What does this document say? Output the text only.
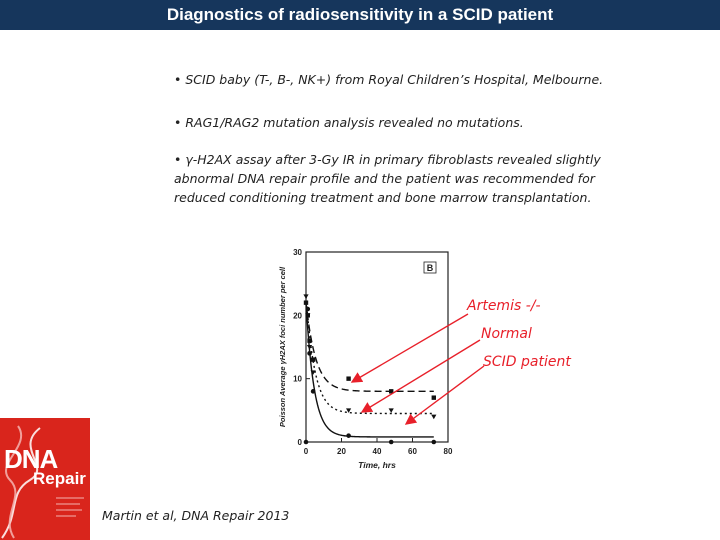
Diagnostics of radiosensitivity in a SCID patient
• SCID baby (T-, B-, NK+) from Royal Children’s Hospital, Melbourne.
• RAG1/RAG2 mutation analysis revealed no mutations.
• γ-H2AX assay after 3-Gy IR in primary fibroblasts revealed slightly abnormal DNA repair profile and the patient was recommended for reduced conditioning treatment and bone marrow transplantation.
0	20	40	60	80
0
10
20
30
Time, hrs
Poisson Average γH2AX foci number per cell	B
Artemis -/-
Normal
SCID patient
DNA
Repair
Martin et al, DNA Repair 2013
